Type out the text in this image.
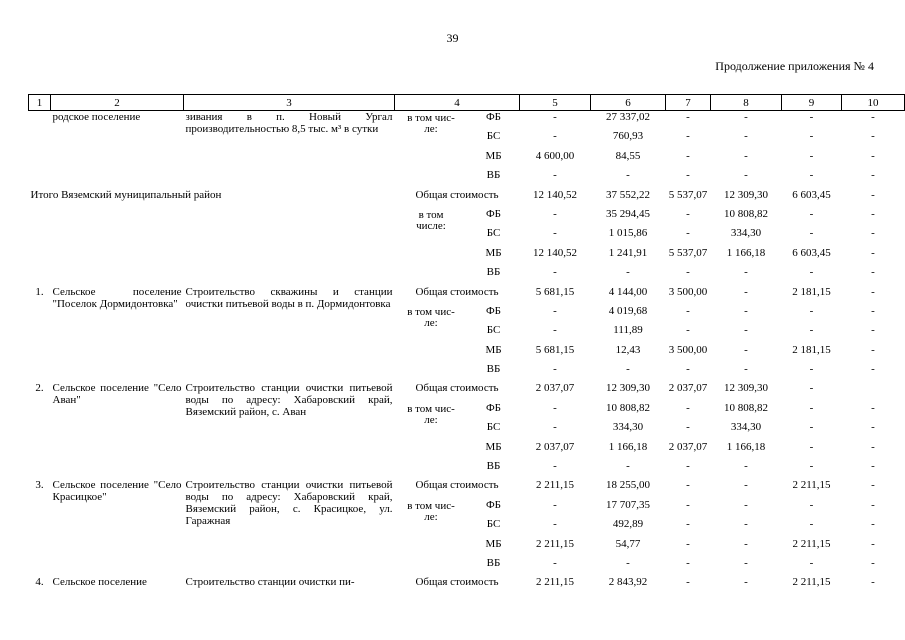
39
Продолжение приложения № 4
1	2	3	4		5	6	7	8	9	10
	родское поселение	зивания в п. Новый Ургал производительностью 8,5 тыс. м³ в сутки	в том чис-
ле:	ФБ	-	27 337,02	-	-	-	-
				БС	-	760,93	-	-	-	-
				МБ	4 600,00	84,55	-	-	-	-
				ВБ	-	-	-	-	-	-
Итого Вяземский муниципальный район			Общая стоимость		12 140,52	37 552,22	5 537,07	12 309,30	6 603,45	-

			в том
числе:	ФБ	-	35 294,45	-	10 808,82	-	-
				БС	-	1 015,86	-	334,30	-	-
				МБ	12 140,52	1 241,91	5 537,07	1 166,18	6 603,45	-
				ВБ	-	-	-	-	-	-
1.	Сельское поселение "Поселок Дормидонтовка"	Строительство скважины и станции очистки питьевой воды в п. Дормидонтовка	Общая стоимость		5 681,15	4 144,00	3 500,00	-	2 181,15	-

			в том чис-
ле:	ФБ	-	4 019,68	-	-	-	-
				БС	-	111,89	-	-	-	-
				МБ	5 681,15	12,43	3 500,00	-	2 181,15	-
				ВБ	-	-	-	-	-	-
2.	Сельское поселение "Село Аван"	Строительство станции очистки питьевой воды по адресу: Хабаровский край, Вяземский район, с. Аван	Общая стоимость		2 037,07	12 309,30	2 037,07	12 309,30	-	

			в том чис-
ле:	ФБ	-	10 808,82	-	10 808,82	-	-
				БС	-	334,30	-	334,30	-	-
				МБ	2 037,07	1 166,18	2 037,07	1 166,18	-	-
				ВБ	-	-	-	-	-	-
3.	Сельское поселение "Село Красицкое"	Строительство станции очистки питьевой воды по адресу: Хабаровский край, Вяземский район, с. Красицкое, ул. Гаражная	Общая стоимость		2 211,15	18 255,00	-	-	2 211,15	-

			в том чис-
ле:	ФБ	-	17 707,35	-	-	-	-
				БС	-	492,89	-	-	-	-
				МБ	2 211,15	54,77	-	-	2 211,15	-
				ВБ	-	-	-	-	-	-
4.	Сельское поселение	Строительство станции очистки пи-	Общая стоимость		2 211,15	2 843,92	-	-	2 211,15	-
